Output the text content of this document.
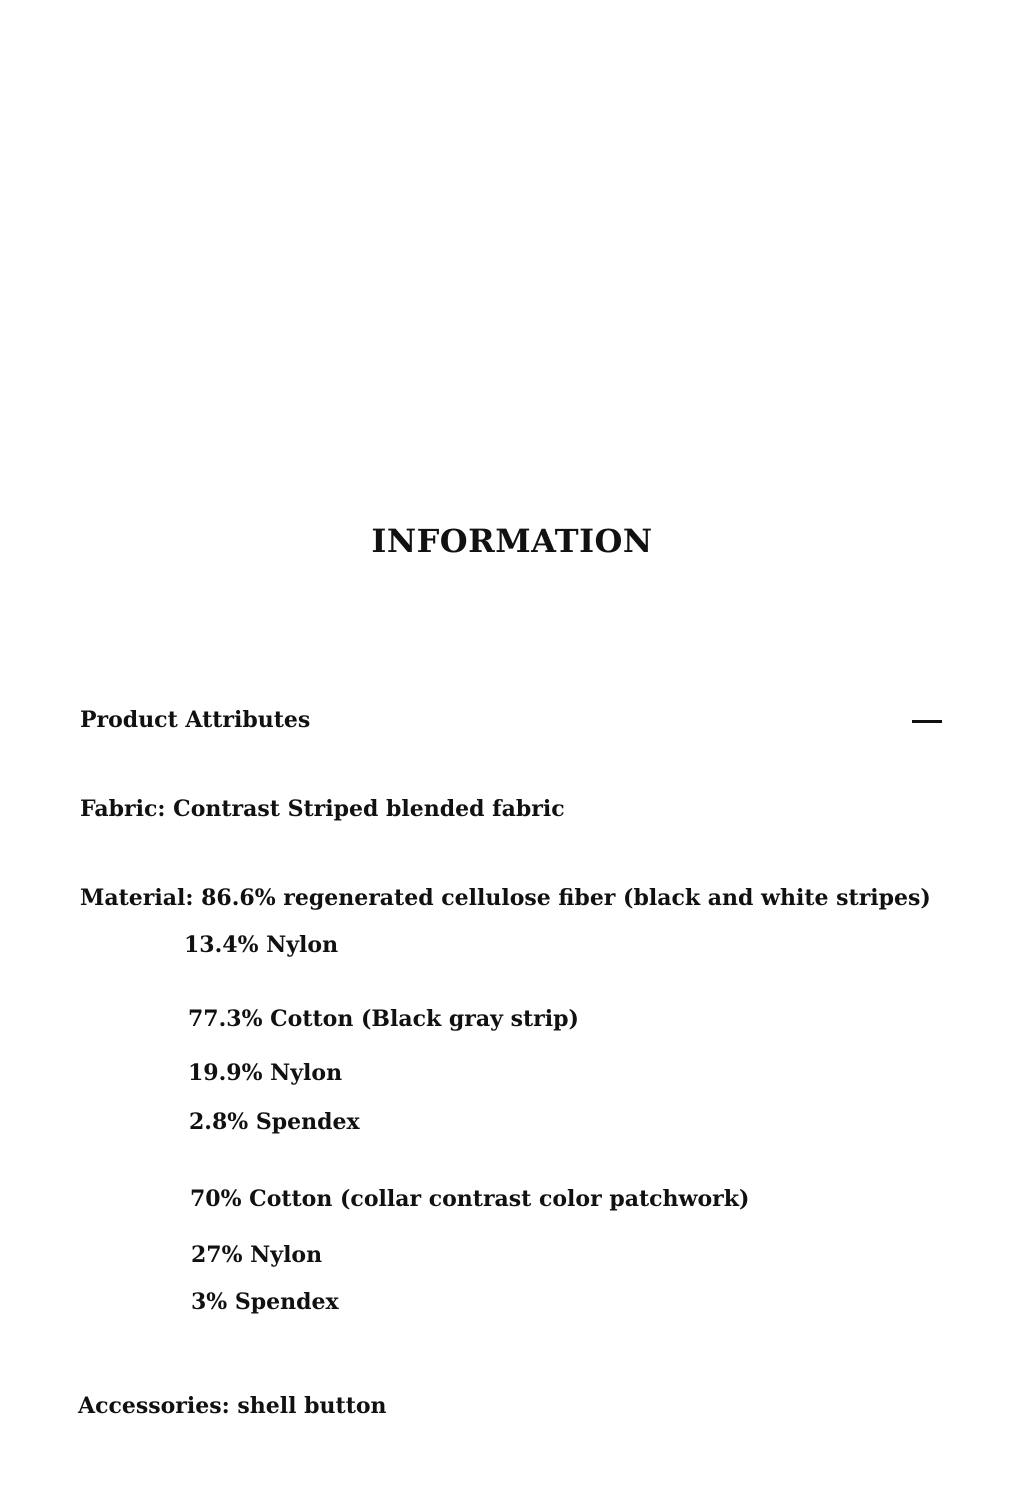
INFORMATION
Product Attributes
Fabric: Contrast Striped blended fabric
Material: 86.6% regenerated cellulose fiber (black and white stripes)
13.4% Nylon
77.3% Cotton (Black gray strip)
19.9% Nylon
2.8% Spendex
70% Cotton (collar contrast color patchwork)
27% Nylon
3% Spendex
Accessories: shell button
